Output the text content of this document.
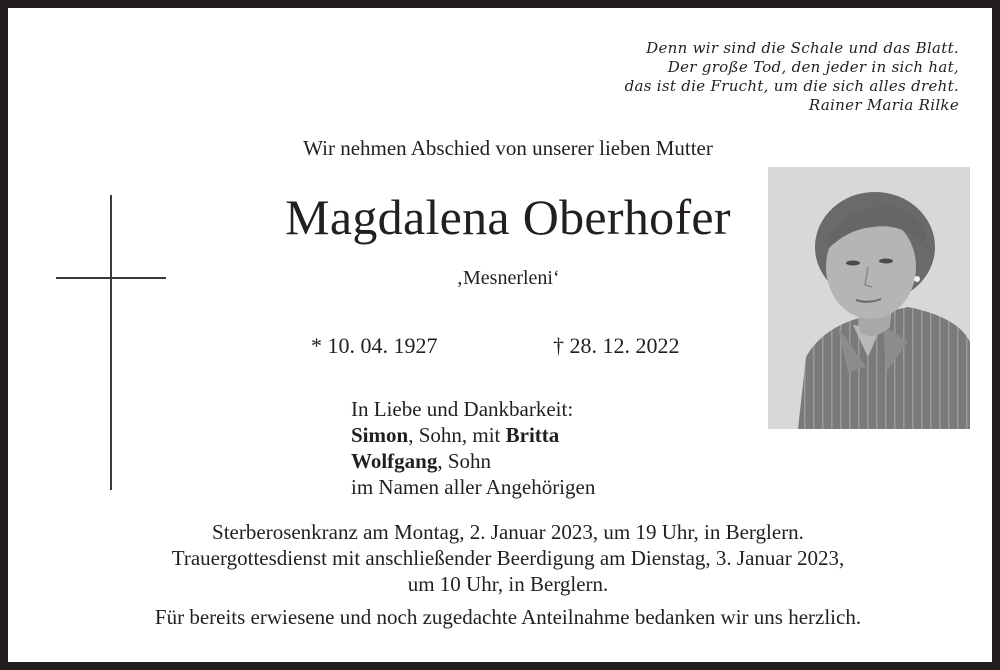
Denn wir sind die Schale und das Blatt.
Der große Tod, den jeder in sich hat,
das ist die Frucht, um die sich alles dreht.
Rainer Maria Rilke
Wir nehmen Abschied von unserer lieben Mutter
Magdalena Oberhofer
‚Mesnerleni‘
* 10. 04. 1927	† 28. 12. 2022
In Liebe und Dankbarkeit:
Simon, Sohn, mit Britta
Wolfgang, Sohn
im Namen aller Angehörigen
Sterberosenkranz am Montag, 2. Januar 2023, um 19 Uhr, in Berglern.
Trauergottesdienst mit anschließender Beerdigung am Dienstag, 3. Januar 2023,
um 10 Uhr, in Berglern.
Für bereits erwiesene und noch zugedachte Anteilnahme bedanken wir uns herzlich.
